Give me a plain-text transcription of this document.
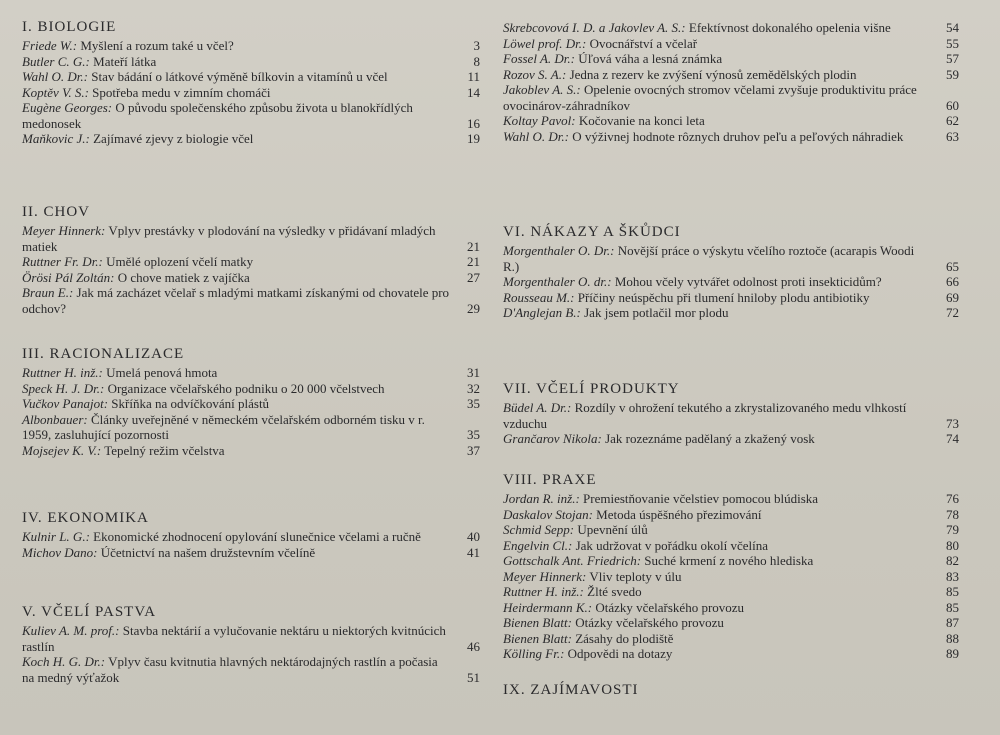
I. BIOLOGIE
Friede W.: Myšlení a rozum také u včel?	3
Butler C. G.: Mateří látka	8
Wahl O. Dr.: Stav bádání o látkové výměně bílkovin a vitamínů u včel	11
Koptěv V. S.: Spotřeba medu v zimním chomáči	14
Eugène Georges: O původu společenského způsobu života u blanokřídlých medonosek	16
Maňkovic J.: Zajímavé zjevy z biologie včel	19
II. CHOV
Meyer Hinnerk: Vplyv prestávky v plodování na výsledky v přidávaní mladých matiek	21
Ruttner Fr. Dr.: Umělé oplození včelí matky	21
Örösi Pál Zoltán: O chove matiek z vajíčka	27
Braun E.: Jak má zacházet včelař s mladými matkami získanými od chovatele pro odchov?	29
III. RACIONALIZACE
Ruttner H. inž.: Umelá penová hmota	31
Speck H. J. Dr.: Organizace včelařského podniku o 20 000 včelstvech	32
Vučkov Panajot: Skříňka na odvíčkování plástů	35
Albonbauer: Články uveřejněné v německém včelařském odborném tisku v r. 1959, zasluhující pozornosti	35
Mojsejev K. V.: Tepelný režim včelstva	37
IV. EKONOMIKA
Kulnir L. G.: Ekonomické zhodnocení opylování slunečnice včelami a ručně	40
Michov Dano: Účetnictví na našem družstevním včelíně	41
V. VČELÍ PASTVA
Kuliev A. M. prof.: Stavba nektárií a vylučovanie nektáru u niektorých kvitnúcich rastlín	46
Koch H. G. Dr.: Vplyv času kvitnutia hlavných nektárodajných rastlín a počasia na medný výťažok	51
Skrebcovová I. D. a Jakovlev A. S.: Efektívnost dokonalého opelenia višne	54
Löwel prof. Dr.: Ovocnářství a včelař	55
Fossel A. Dr.: Úľová váha a lesná známka	57
Rozov S. A.: Jedna z rezerv ke zvýšení výnosů zemědělských plodin	59
Jakoblev A. S.: Opelenie ovocných stromov včelami zvyšuje produktivitu práce ovocinárov-záhradníkov	60
Koltay Pavol: Kočovanie na konci leta	62
Wahl O. Dr.: O výživnej hodnote rôznych druhov peľu a peľových náhradiek	63
VI. NÁKAZY A ŠKŮDCI
Morgenthaler O. Dr.: Novější práce o výskytu včelího roztoče (acarapis Woodi R.)	65
Morgenthaler O. dr.: Mohou včely vytvářet odolnost proti insekticidům?	66
Rousseau M.: Příčiny neúspěchu při tlumení hniloby plodu antibiotiky	69
D'Anglejan B.: Jak jsem potlačil mor plodu	72
VII. VČELÍ PRODUKTY
Büdel A. Dr.: Rozdíly v ohrožení tekutého a zkrystalizovaného medu vlhkostí vzduchu	73
Grančarov Nikola: Jak rozeznáme padělaný a zkažený vosk	74
VIII. PRAXE
Jordan R. inž.: Premiestňovanie včelstiev pomocou blúdiska	76
Daskalov Stojan: Metoda úspěšného přezimování	78
Schmid Sepp: Upevnění úlů	79
Engelvin Cl.: Jak udržovat v pořádku okolí včelína	80
Gottschalk Ant. Friedrich: Suché krmení z nového hlediska	82
Meyer Hinnerk: Vliv teploty v úlu	83
Ruttner H. inž.: Žlté svedo	85
Heirdermann K.: Otázky včelařského provozu	85
Bienen Blatt: Otázky včelařského provozu	87
Bienen Blatt: Zásahy do plodiště	88
Kölling Fr.: Odpovědi na dotazy	89
IX. ZAJÍMAVOSTI
